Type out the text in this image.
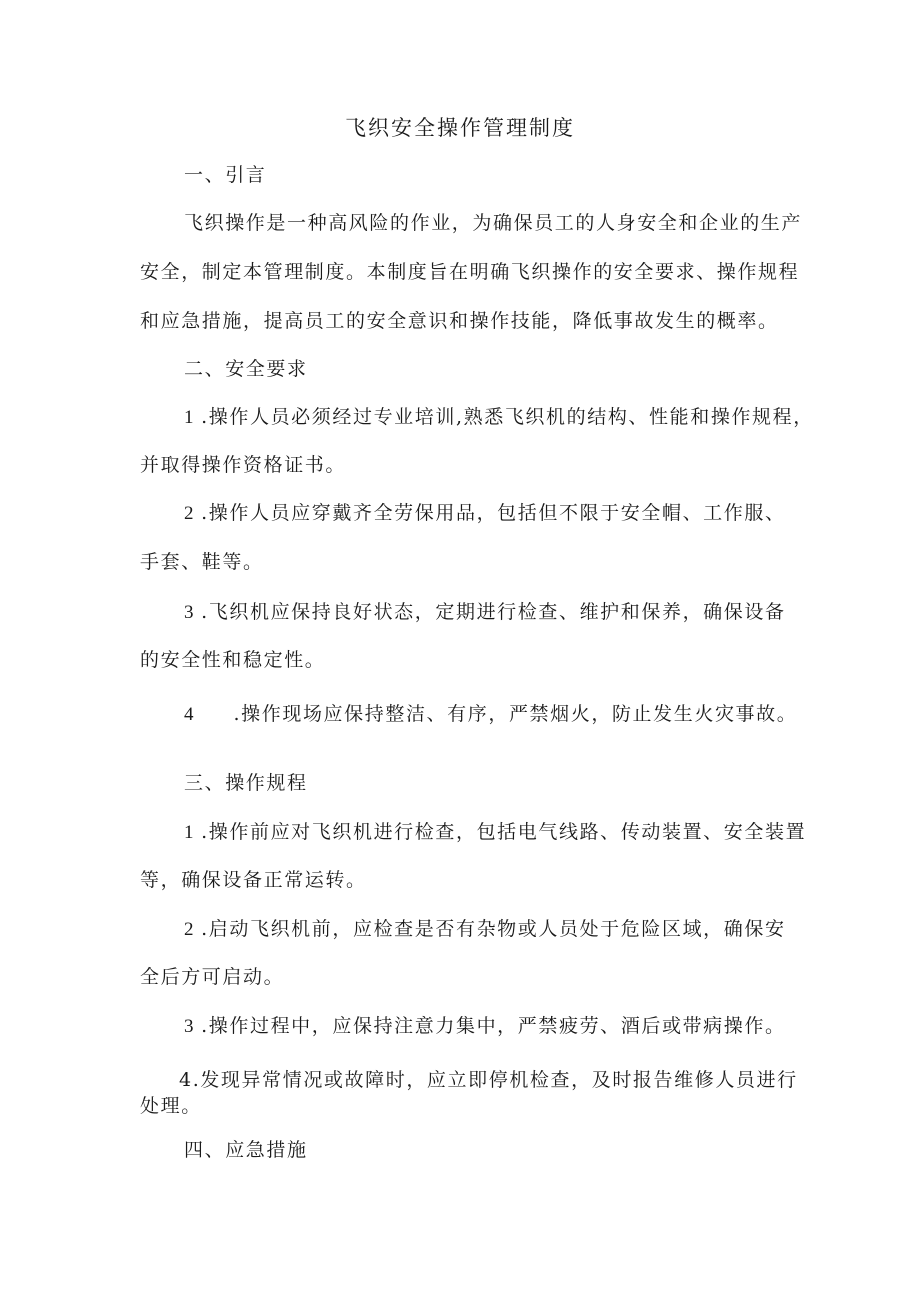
飞织安全操作管理制度
一、引言
飞织操作是一种高风险的作业，为确保员工的人身安全和企业的生产
安全，制定本管理制度。本制度旨在明确飞织操作的安全要求、操作规程
和应急措施，提高员工的安全意识和操作技能，降低事故发生的概率。
二、安全要求
1 .操作人员必须经过专业培训,熟悉飞织机的结构、性能和操作规程，
并取得操作资格证书。
2 .操作人员应穿戴齐全劳保用品，包括但不限于安全帽、工作服、
手套、鞋等。
3 .飞织机应保持良好状态，定期进行检查、维护和保养，确保设备
的安全性和稳定性。
4 .操作现场应保持整洁、有序，严禁烟火，防止发生火灾事故。
三、操作规程
1 .操作前应对飞织机进行检查，包括电气线路、传动装置、安全装置
等，确保设备正常运转。
2 .启动飞织机前，应检查是否有杂物或人员处于危险区域，确保安
全后方可启动。
3 .操作过程中，应保持注意力集中，严禁疲劳、酒后或带病操作。
4.发现异常情况或故障时，应立即停机检查，及时报告维修人员进行
处理。
四、应急措施
